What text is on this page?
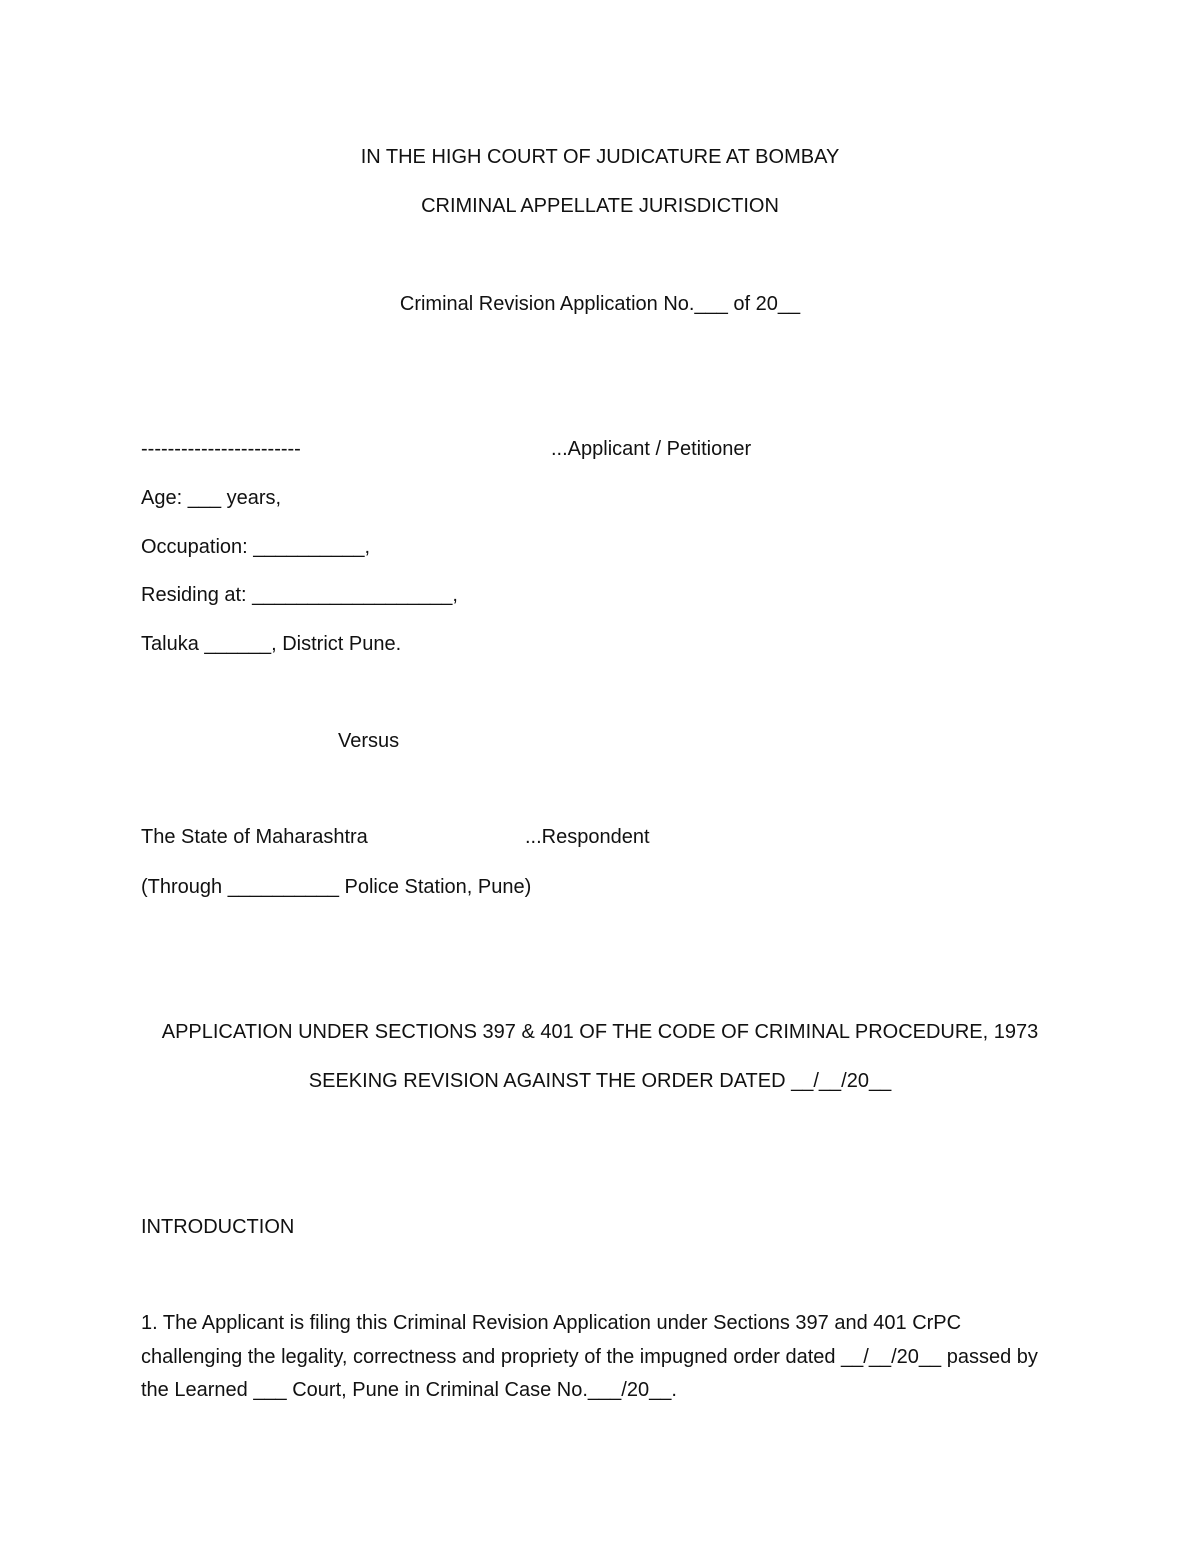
IN THE HIGH COURT OF JUDICATURE AT BOMBAY
CRIMINAL APPELLATE JURISDICTION
Criminal Revision Application No.___ of 20__
------------------------	...Applicant / Petitioner
Age: ___ years,
Occupation: __________,
Residing at: __________________,
Taluka ______, District Pune.
Versus
The State of Maharashtra	...Respondent
(Through __________ Police Station, Pune)
APPLICATION UNDER SECTIONS 397 & 401 OF THE CODE OF CRIMINAL PROCEDURE, 1973
SEEKING REVISION AGAINST THE ORDER DATED __/__/20__
INTRODUCTION
1. The Applicant is filing this Criminal Revision Application under Sections 397 and 401 CrPC challenging the legality, correctness and propriety of the impugned order dated __/__/20__ passed by the Learned ___ Court, Pune in Criminal Case No.___/20__.
